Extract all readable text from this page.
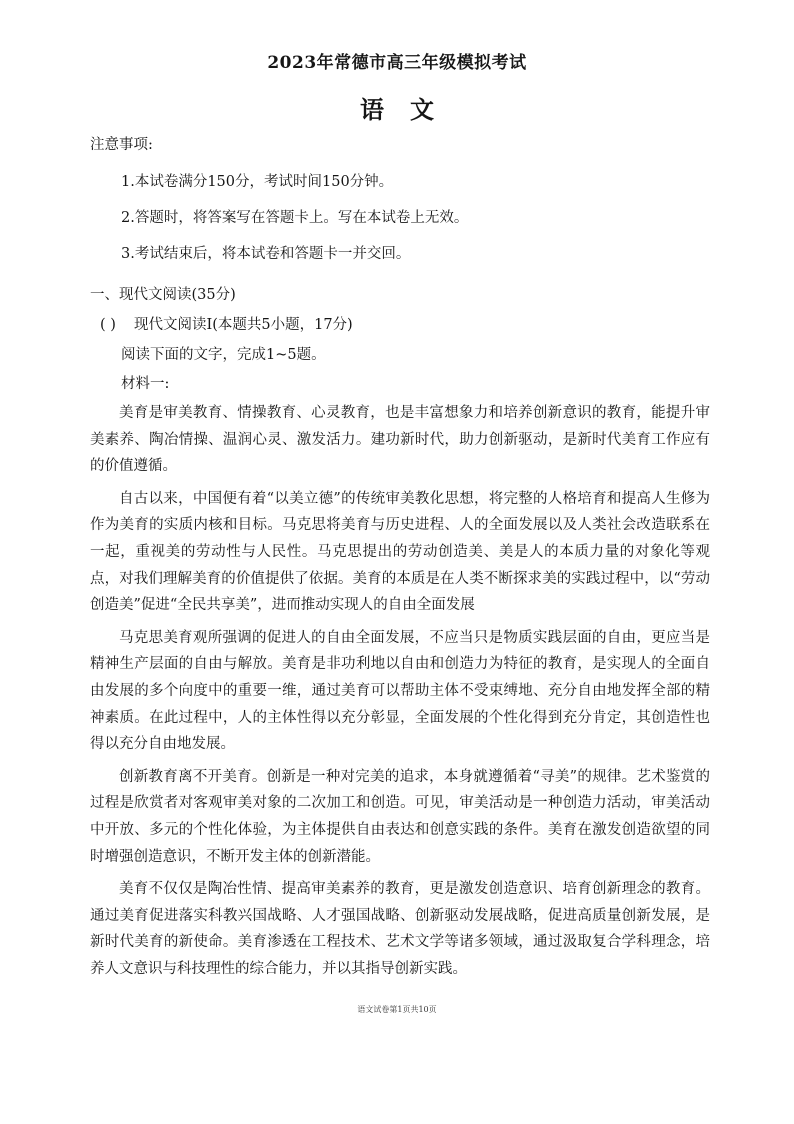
2023年常德市高三年级模拟考试
语文
注意事项:
1.本试卷满分150分，考试时间150分钟。
2.答题时，将答案写在答题卡上。写在本试卷上无效。
3.考试结束后，将本试卷和答题卡一并交回。
一、现代文阅读(35分)
( ) 现代文阅读I(本题共5小题，17分)
阅读下面的文字，完成1~5题。
材料一:

美育是审美教育、情操教育、心灵教育，也是丰富想象力和培养创新意识的教育，能提升审美素养、陶冶情操、温润心灵、激发活力。建功新时代，助力创新驱动，是新时代美育工作应有的价值遵循。

自古以来，中国便有着“以美立德”的传统审美教化思想，将完整的人格培育和提高人生修为作为美育的实质内核和目标。马克思将美育与历史进程、人的全面发展以及人类社会改造联系在一起，重视美的劳动性与人民性。马克思提出的劳动创造美、美是人的本质力量的对象化等观点，对我们理解美育的价值提供了依据。美育的本质是在人类不断探求美的实践过程中，以“劳动创造美”促进“全民共享美”，进而推动实现人的自由全面发展

马克思美育观所强调的促进人的自由全面发展，不应当只是物质实践层面的自由，更应当是精神生产层面的自由与解放。美育是非功利地以自由和创造力为特征的教育，是实现人的全面自由发展的多个向度中的重要一维，通过美育可以帮助主体不受束缚地、充分自由地发挥全部的精神素质。在此过程中，人的主体性得以充分彰显，全面发展的个性化得到充分肯定，其创造性也得以充分自由地发展。

创新教育离不开美育。创新是一种对完美的追求，本身就遵循着“寻美”的规律。艺术鉴赏的过程是欣赏者对客观审美对象的二次加工和创造。可见，审美活动是一种创造力活动，审美活动中开放、多元的个性化体验，为主体提供自由表达和创意实践的条件。美育在激发创造欲望的同时增强创造意识，不断开发主体的创新潜能。

美育不仅仅是陶冶性情、提高审美素养的教育，更是激发创造意识、培育创新理念的教育。通过美育促进落实科教兴国战略、人才强国战略、创新驱动发展战略，促进高质量创新发展，是新时代美育的新使命。美育渗透在工程技术、艺术文学等诸多领域，通过汲取复合学科理念，培养人文意识与科技理性的综合能力，并以其指导创新实践。

语文试卷第1页共10页
